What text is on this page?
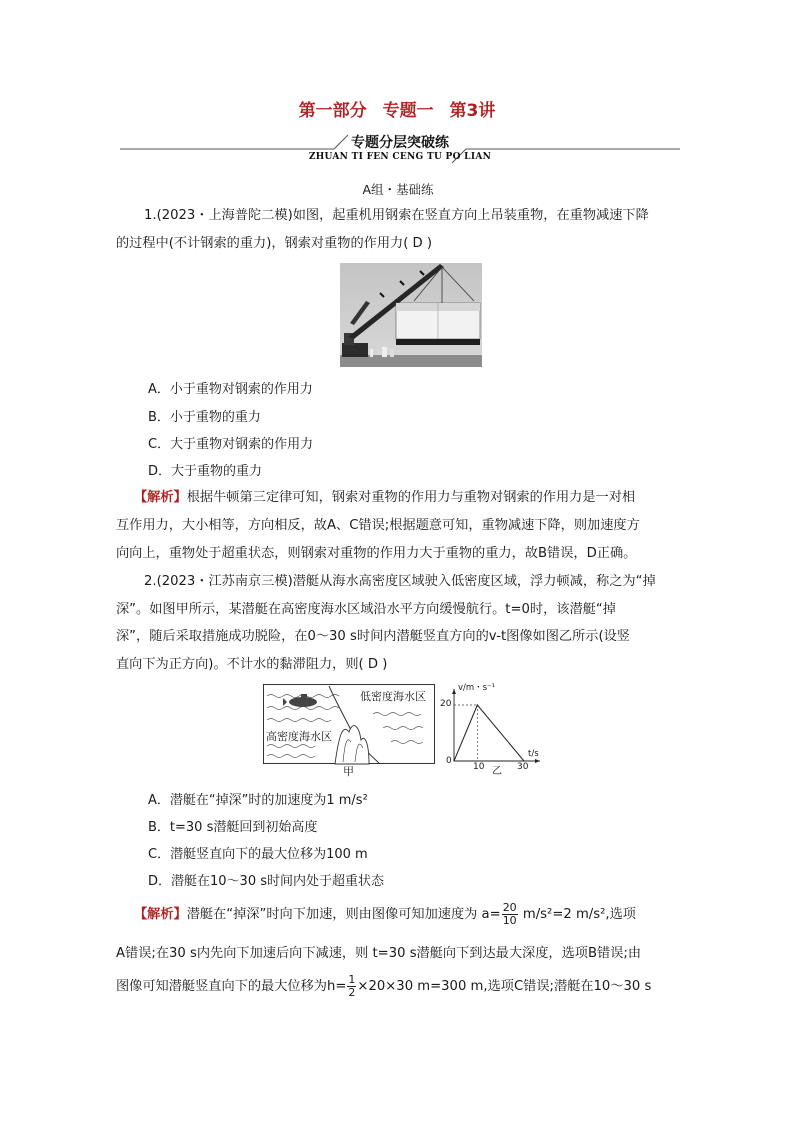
第一部分 专题一 第3讲
专题分层突破练
ZHUAN TI FEN CENG TU PO LIAN
A组・基础练
1.(2023・上海普陀二模)如图，起重机用钢索在竖直方向上吊装重物，在重物减速下降
的过程中(不计钢索的重力)，钢索对重物的作用力( D )
A．小于重物对钢索的作用力
B．小于重物的重力
C．大于重物对钢索的作用力
D．大于重物的重力
【解析】根据牛顿第三定律可知，钢索对重物的作用力与重物对钢索的作用力是一对相
互作用力，大小相等，方向相反，故A、C错误;根据题意可知，重物减速下降，则加速度方
向向上，重物处于超重状态，则钢索对重物的作用力大于重物的重力，故B错误，D正确。
2.(2023・江苏南京三模)潜艇从海水高密度区域驶入低密度区域，浮力顿减，称之为“掉
深”。如图甲所示，某潜艇在高密度海水区域沿水平方向缓慢航行。t=0时，该潜艇“掉
深”，随后采取措施成功脱险，在0～30 s时间内潜艇竖直方向的v-t图像如图乙所示(设竖
直向下为正方向)。不计水的黏滞阻力，则( D )
低密度海水区
高密度海水区
甲
v/m・s⁻¹
t/s
20
0
10	30
乙
A．潜艇在“掉深”时的加速度为1 m/s²
B．t=30 s潜艇回到初始高度
C．潜艇竖直向下的最大位移为100 m
D．潜艇在10～30 s时间内处于超重状态
【解析】潜艇在“掉深”时向下加速，则由图像可知加速度为 $a= \frac{20}{10} m/s^2=2$ m/s²,选项
A错误;在30 s内先向下加速后向下减速，则 t=30 s潜艇向下到达最大深度，选项B错误;由
图像可知潜艇竖直向下的最大位移为$h= \frac{1}{2} \times 20\times 30$ m=300 m,选项C错误;潜艇在10～30 s
